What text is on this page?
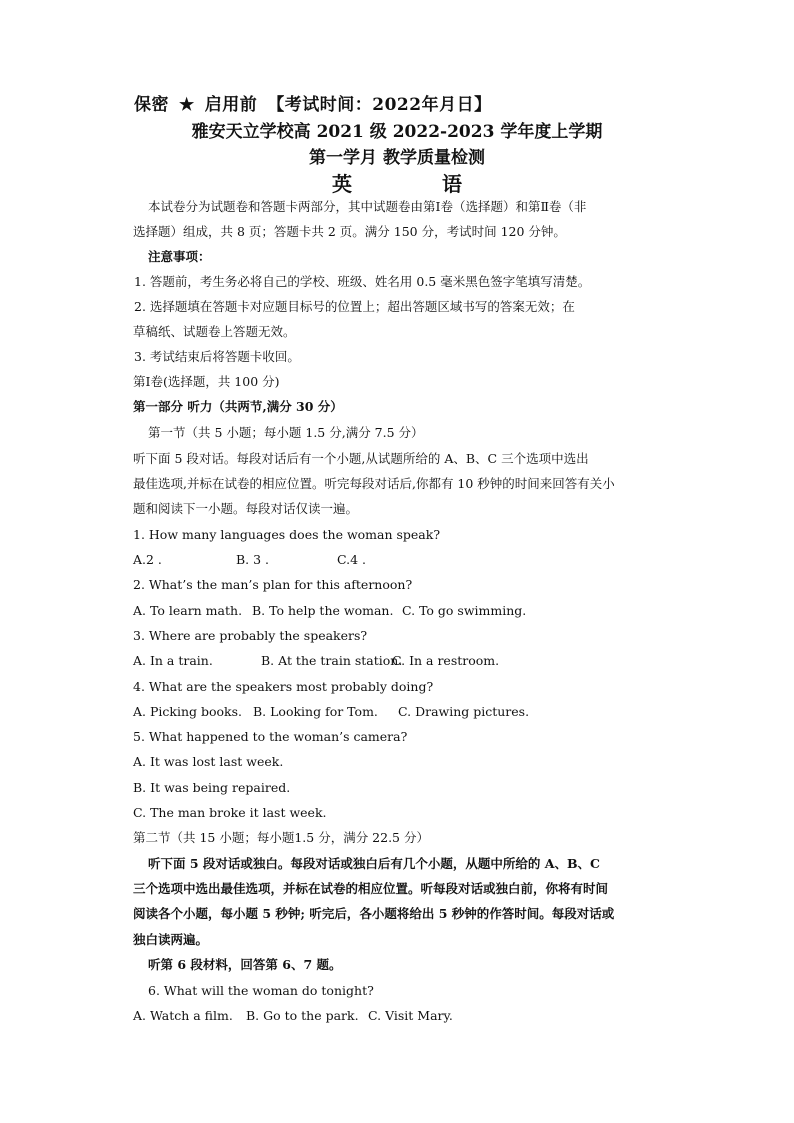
保密 ★ 启用前 【考试时间：2022年月日】
雅安天立学校高 2021 级 2022-2023 学年度上学期
第一学月 教学质量检测
英语
本试卷分为试题卷和答题卡两部分，其中试题卷由第Ⅰ卷（选择题）和第Ⅱ卷（非
选择题）组成，共 8 页；答题卡共 2 页。满分 150 分，考试时间 120 分钟。
注意事项：
1. 答题前，考生务必将自己的学校、班级、姓名用 0.5 毫米黑色签字笔填写清楚。
2. 选择题填在答题卡对应题目标号的位置上；超出答题区域书写的答案无效；在
草稿纸、试题卷上答题无效。
3. 考试结束后将答题卡收回。
第Ⅰ卷(选择题，共 100 分)
第一部分 听力（共两节,满分 30 分）
第一节（共 5 小题；每小题 1.5 分,满分 7.5 分）
听下面 5 段对话。每段对话后有一个小题,从试题所给的 A、B、C 三个选项中选出
最佳选项,并标在试卷的相应位置。听完每段对话后,你都有 10 秒钟的时间来回答有关小
题和阅读下一小题。每段对话仅读一遍。
1. How many languages does the woman speak?
A.2 .	B. 3 .	C.4 .
2. What’s the man’s plan for this afternoon?
A. To learn math. B. To help the woman. C. To go swimming.
3. Where are probably the speakers?
A. In a train.	B. At the train station.C. In a restroom.
4. What are the speakers most probably doing?
A. Picking books. B. Looking for Tom. C. Drawing pictures.
5. What happened to the woman’s camera?
A. It was lost last week.
B. It was being repaired.
C. The man broke it last week.
第二节（共 15 小题；每小题1.5 分，满分 22.5 分）
听下面 5 段对话或独白。每段对话或独白后有几个小题，从题中所给的 A、B、C
三个选项中选出最佳选项，并标在试卷的相应位置。听每段对话或独白前，你将有时间
阅读各个小题，每小题 5 秒钟; 听完后，各小题将给出 5 秒钟的作答时间。每段对话或
独白读两遍。
听第 6 段材料，回答第 6、7 题。
6. What will the woman do tonight?
A. Watch a film. B. Go to the park. C. Visit Mary.
